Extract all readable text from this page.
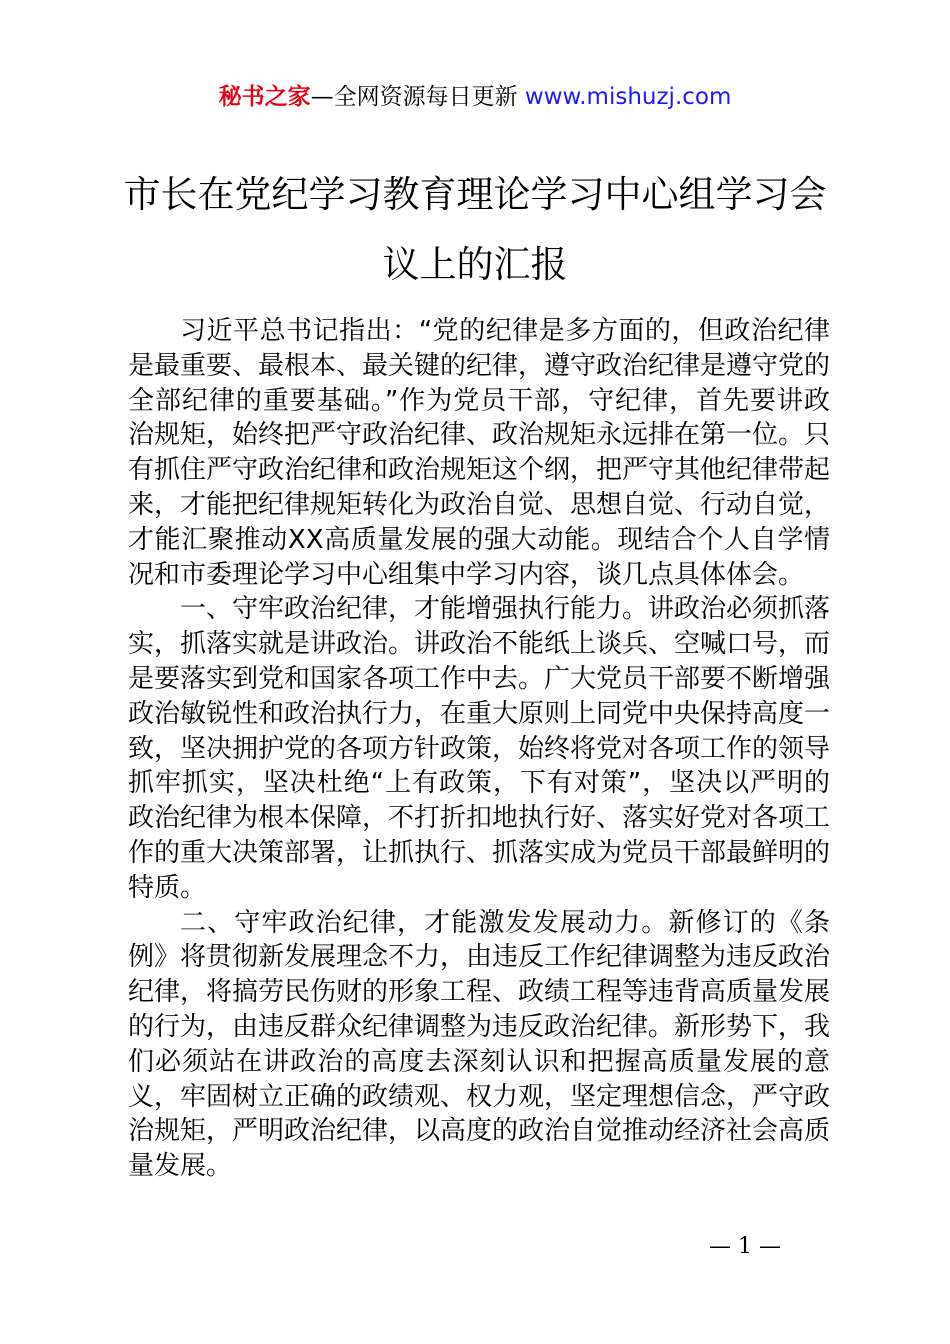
秘书之家—全网资源每日更新 www.mishuzj.com
市长在党纪学习教育理论学习中心组学习会议上的汇报

习近平总书记指出：“党的纪律是多方面的，但政治纪律是最重要、最根本、最关键的纪律，遵守政治纪律是遵守党的全部纪律的重要基础。”作为党员干部，守纪律，首先要讲政治规矩，始终把严守政治纪律、政治规矩永远排在第一位。只有抓住严守政治纪律和政治规矩这个纲，把严守其他纪律带起来，才能把纪律规矩转化为政治自觉、思想自觉、行动自觉，才能汇聚推动XX高质量发展的强大动能。现结合个人自学情况和市委理论学习中心组集中学习内容，谈几点具体体会。

一、守牢政治纪律，才能增强执行能力。讲政治必须抓落实，抓落实就是讲政治。讲政治不能纸上谈兵、空喊口号，而是要落实到党和国家各项工作中去。广大党员干部要不断增强政治敏锐性和政治执行力，在重大原则上同党中央保持高度一致，坚决拥护党的各项方针政策，始终将党对各项工作的领导抓牢抓实，坚决杜绝“上有政策，下有对策”，坚决以严明的政治纪律为根本保障，不打折扣地执行好、落实好党对各项工作的重大决策部署，让抓执行、抓落实成为党员干部最鲜明的特质。

二、守牢政治纪律，才能激发发展动力。新修订的《条例》将贯彻新发展理念不力，由违反工作纪律调整为违反政治纪律，将搞劳民伤财的形象工程、政绩工程等违背高质量发展的行为，由违反群众纪律调整为违反政治纪律。新形势下，我们必须站在讲政治的高度去深刻认识和把握高质量发展的意义，牢固树立正确的政绩观、权力观，坚定理想信念，严守政治规矩，严明政治纪律，以高度的政治自觉推动经济社会高质量发展。

— 1 —
